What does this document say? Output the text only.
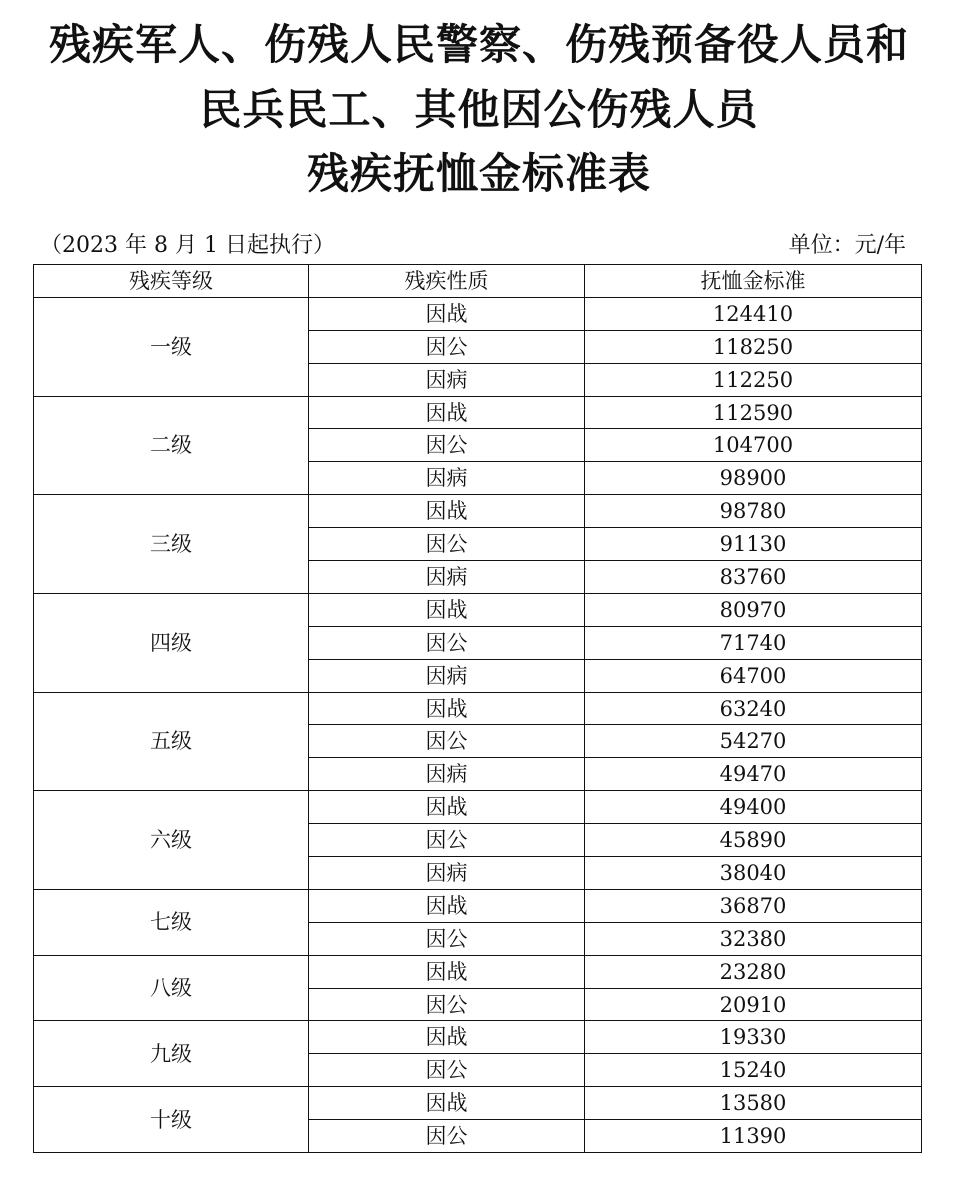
残疾军人、伤残人民警察、伤残预备役人员和
民兵民工、其他因公伤残人员
残疾抚恤金标准表
（2023 年 8 月 1 日起执行）	单位：元/年
残疾等级	残疾性质	抚恤金标准
一级	因战	124410
	因公	118250
	因病	112250
二级	因战	112590
	因公	104700
	因病	98900
三级	因战	98780
	因公	91130
	因病	83760
四级	因战	80970
	因公	71740
	因病	64700
五级	因战	63240
	因公	54270
	因病	49470
六级	因战	49400
	因公	45890
	因病	38040
七级	因战	36870
	因公	32380
八级	因战	23280
	因公	20910
九级	因战	19330
	因公	15240
十级	因战	13580
	因公	11390
